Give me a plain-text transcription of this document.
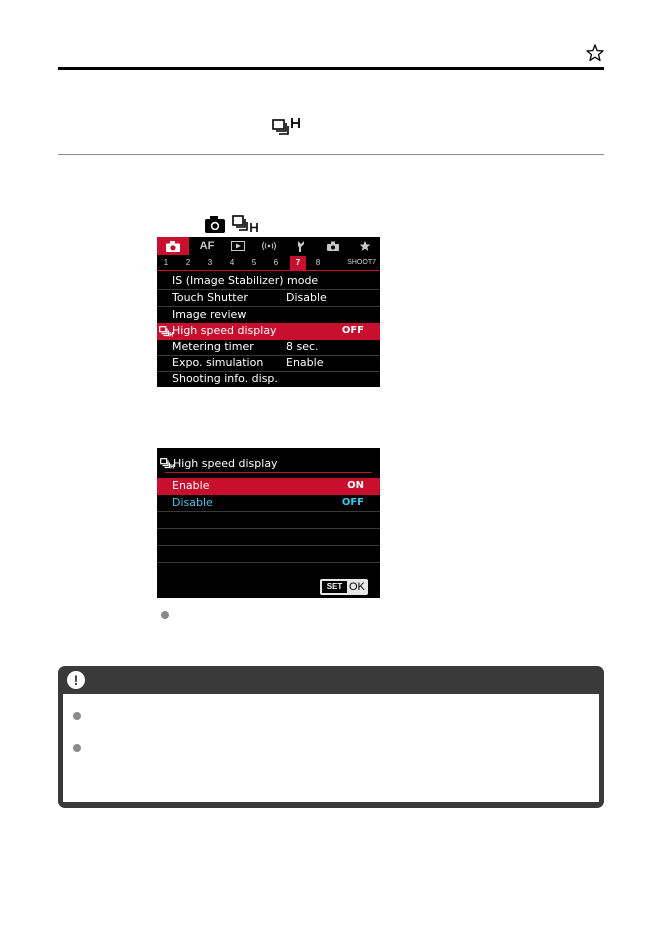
AF
1	2	3	4	5	6	7	8	SHOOT7
IS (Image Stabilizer) mode
Touch Shutter	Disable
Image review
High speed display	OFF
Metering timer	8 sec.
Expo. simulation Enable
Shooting info. disp.
High speed display
Enable	ON
Disable	OFF
SET OK
!
